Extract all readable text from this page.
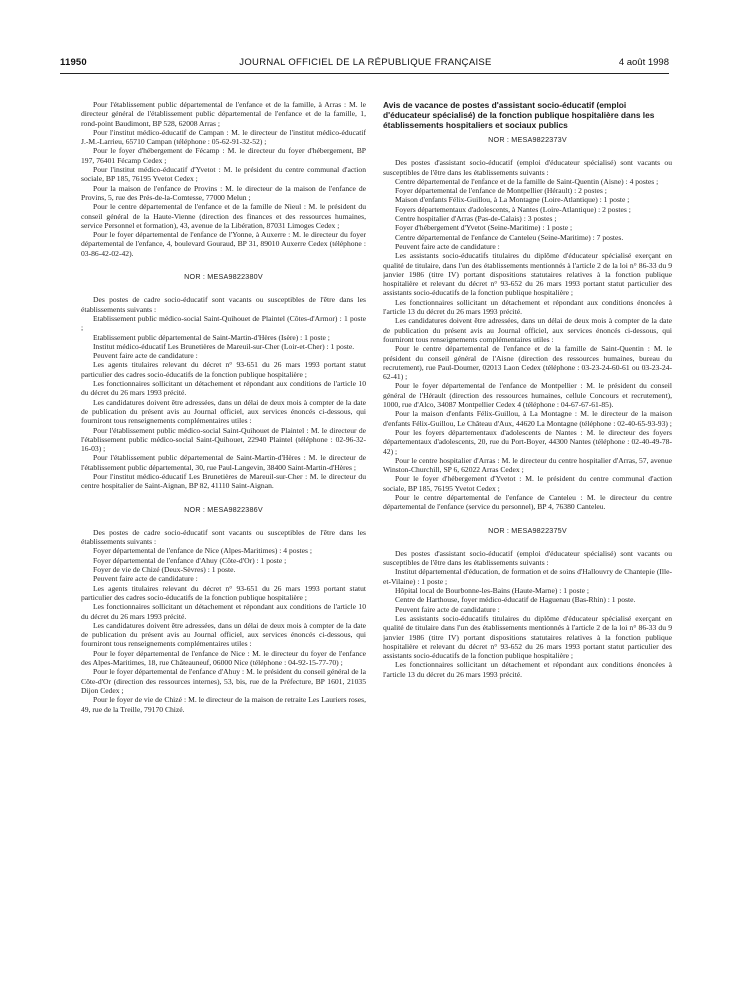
11950	JOURNAL OFFICIEL DE LA RÉPUBLIQUE FRANÇAISE	4 août 1998

Pour l'établissement public départemental de l'enfance et de la famille, à Arras : M. le directeur général de l'établissement public départemental de l'enfance et de la famille, 1, rond-point Baudimont, BP 528, 62008 Arras ;

Pour l'institut médico-éducatif de Campan : M. le directeur de l'institut médico-éducatif J.-M.-Larrieu, 65710 Campan (téléphone : 05-62-91-32-52) ;

Pour le foyer d'hébergement de Fécamp : M. le directeur du foyer d'hébergement, BP 197, 76401 Fécamp Cedex ;

Pour l'institut médico-éducatif d'Yvetot : M. le président du centre communal d'action sociale, BP 185, 76195 Yvetot Cedex ;

Pour la maison de l'enfance de Provins : M. le directeur de la maison de l'enfance de Provins, 5, rue des Prés-de-la-Comtesse, 77000 Melun ;

Pour le centre départemental de l'enfance et de la famille de Nieul : M. le président du conseil général de la Haute-Vienne (direction des finances et des ressources humaines, service Personnel et formation), 43, avenue de la Libération, 87031 Limoges Cedex ;

Pour le foyer départemental de l'enfance de l'Yonne, à Auxerre : M. le directeur du foyer départemental de l'enfance, 4, boulevard Gouraud, BP 31, 89010 Auxerre Cedex (téléphone : 03-86-42-02-42).

NOR : MESA9822380V

Des postes de cadre socio-éducatif sont vacants ou susceptibles de l'être dans les établissements suivants :

Etablissement public médico-social Saint-Quihouet de Plaintel (Côtes-d'Armor) : 1 poste ;

Etablissement public départemental de Saint-Martin-d'Hères (Isère) : 1 poste ;

Institut médico-éducatif Les Brunetières de Mareuil-sur-Cher (Loir-et-Cher) : 1 poste.

Peuvent faire acte de candidature :

Les agents titulaires relevant du décret n° 93-651 du 26 mars 1993 portant statut particulier des cadres socio-éducatifs de la fonction publique hospitalière ;

Les fonctionnaires sollicitant un détachement et répondant aux conditions de l'article 10 du décret du 26 mars 1993 précité.

Les candidatures doivent être adressées, dans un délai de deux mois à compter de la date de publication du présent avis au Journal officiel, aux services énoncés ci-dessous, qui fourniront tous renseignements complémentaires utiles :

Pour l'établissement public médico-social Saint-Quihouet de Plaintel : M. le directeur de l'établissement public médico-social Saint-Quihouet, 22940 Plaintel (téléphone : 02-96-32-16-03) ;

Pour l'établissement public départemental de Saint-Martin-d'Hères : M. le directeur de l'établissement public départemental, 30, rue Paul-Langevin, 38400 Saint-Martin-d'Hères ;

Pour l'institut médico-éducatif Les Brunetières de Mareuil-sur-Cher : M. le directeur du centre hospitalier de Saint-Aignan, BP 82, 41110 Saint-Aignan.

NOR : MESA9822386V

Des postes de cadre socio-éducatif sont vacants ou susceptibles de l'être dans les établissements suivants :

Foyer départemental de l'enfance de Nice (Alpes-Maritimes) : 4 postes ;

Foyer départemental de l'enfance d'Ahuy (Côte-d'Or) : 1 poste ;

Foyer de vie de Chizé (Deux-Sèvres) : 1 poste.

Peuvent faire acte de candidature :

Les agents titulaires relevant du décret n° 93-651 du 26 mars 1993 portant statut particulier des cadres socio-éducatifs de la fonction publique hospitalière ;

Les fonctionnaires sollicitant un détachement et répondant aux conditions de l'article 10 du décret du 26 mars 1993 précité.

Les candidatures doivent être adressées, dans un délai de deux mois à compter de la date de publication du présent avis au Journal officiel, aux services énoncés ci-dessous, qui fourniront tous renseignements complémentaires utiles :

Pour le foyer départemental de l'enfance de Nice : M. le directeur du foyer de l'enfance des Alpes-Maritimes, 18, rue Châteauneuf, 06000 Nice (téléphone : 04-92-15-77-70) ;

Pour le foyer départemental de l'enfance d'Ahuy : M. le président du conseil général de la Côte-d'Or (direction des ressources internes), 53, bis, rue de la Préfecture, BP 1601, 21035 Dijon Cedex ;

Pour le foyer de vie de Chizé : M. le directeur de la maison de retraite Les Lauriers roses, 49, rue de la Treille, 79170 Chizé.

Avis de vacance de postes d'assistant socio-éducatif (emploi d'éducateur spécialisé) de la fonction publique hospitalière dans les établissements hospitaliers et sociaux publics
NOR : MESA9822373V

Des postes d'assistant socio-éducatif (emploi d'éducateur spécialisé) sont vacants ou susceptibles de l'être dans les établissements suivants :

Centre départemental de l'enfance et de la famille de Saint-Quentin (Aisne) : 4 postes ;

Foyer départemental de l'enfance de Montpellier (Hérault) : 2 postes ;

Maison d'enfants Félix-Guillou, à La Montagne (Loire-Atlantique) : 1 poste ;

Foyers départementaux d'adolescents, à Nantes (Loire-Atlantique) : 2 postes ;

Centre hospitalier d'Arras (Pas-de-Calais) : 3 postes ;

Foyer d'hébergement d'Yvetot (Seine-Maritime) : 1 poste ;

Centre départemental de l'enfance de Canteleu (Seine-Maritime) : 7 postes.

Peuvent faire acte de candidature :

Les assistants socio-éducatifs titulaires du diplôme d'éducateur spécialisé exerçant en qualité de titulaire, dans l'un des établissements mentionnés à l'article 2 de la loi n° 86-33 du 9 janvier 1986 (titre IV) portant dispositions statutaires relatives à la fonction publique hospitalière et relevant du décret n° 93-652 du 26 mars 1993 portant statut particulier des assistants socio-éducatifs de la fonction publique hospitalière ;

Les fonctionnaires sollicitant un détachement et répondant aux conditions énoncées à l'article 13 du décret du 26 mars 1993 précité.

Les candidatures doivent être adressées, dans un délai de deux mois à compter de la date de publication du présent avis au Journal officiel, aux services énoncés ci-dessous, qui fourniront tous renseignements complémentaires utiles :

Pour le centre départemental de l'enfance et de la famille de Saint-Quentin : M. le président du conseil général de l'Aisne (direction des ressources humaines, bureau du recrutement), rue Paul-Doumer, 02013 Laon Cedex (téléphone : 03-23-24-60-61 ou 03-23-24-62-41) ;

Pour le foyer départemental de l'enfance de Montpellier : M. le président du conseil général de l'Hérault (direction des ressources humaines, cellule Concours et recrutement), 1000, rue d'Alco, 34087 Montpellier Cedex 4 (téléphone : 04-67-67-61-85).

Pour la maison d'enfants Félix-Guillou, à La Montagne : M. le directeur de la maison d'enfants Félix-Guillou, Le Château d'Aux, 44620 La Montagne (téléphone : 02-40-65-93-93) ;

Pour les foyers départementaux d'adolescents de Nantes : M. le directeur des foyers départementaux d'adolescents, 20, rue du Port-Boyer, 44300 Nantes (téléphone : 02-40-49-78-42) ;

Pour le centre hospitalier d'Arras : M. le directeur du centre hospitalier d'Arras, 57, avenue Winston-Churchill, SP 6, 62022 Arras Cedex ;

Pour le foyer d'hébergement d'Yvetot : M. le président du centre communal d'action sociale, BP 185, 76195 Yvetot Cedex ;

Pour le centre départemental de l'enfance de Canteleu : M. le directeur du centre départemental de l'enfance (service du personnel), BP 4, 76380 Canteleu.

NOR : MESA9822375V

Des postes d'assistant socio-éducatif (emploi d'éducateur spécialisé) sont vacants ou susceptibles de l'être dans les établissements suivants :

Institut départemental d'éducation, de formation et de soins d'Hallouvry de Chantepie (Ille-et-Vilaine) : 1 poste ;

Hôpital local de Bourbonne-les-Bains (Haute-Marne) : 1 poste ;

Centre de Harthouse, foyer médico-éducatif de Haguenau (Bas-Rhin) : 1 poste.

Peuvent faire acte de candidature :

Les assistants socio-éducatifs titulaires du diplôme d'éducateur spécialisé exerçant en qualité de titulaire dans l'un des établissements mentionnés à l'article 2 de la loi n° 86-33 du 9 janvier 1986 (titre IV) portant dispositions statutaires relatives à la fonction publique hospitalière et relevant du décret n° 93-652 du 26 mars 1993 portant statut particulier des assistants socio-éducatifs de la fonction publique hospitalière ;

Les fonctionnaires sollicitant un détachement et répondant aux conditions énoncées à l'article 13 du décret du 26 mars 1993 précité.
